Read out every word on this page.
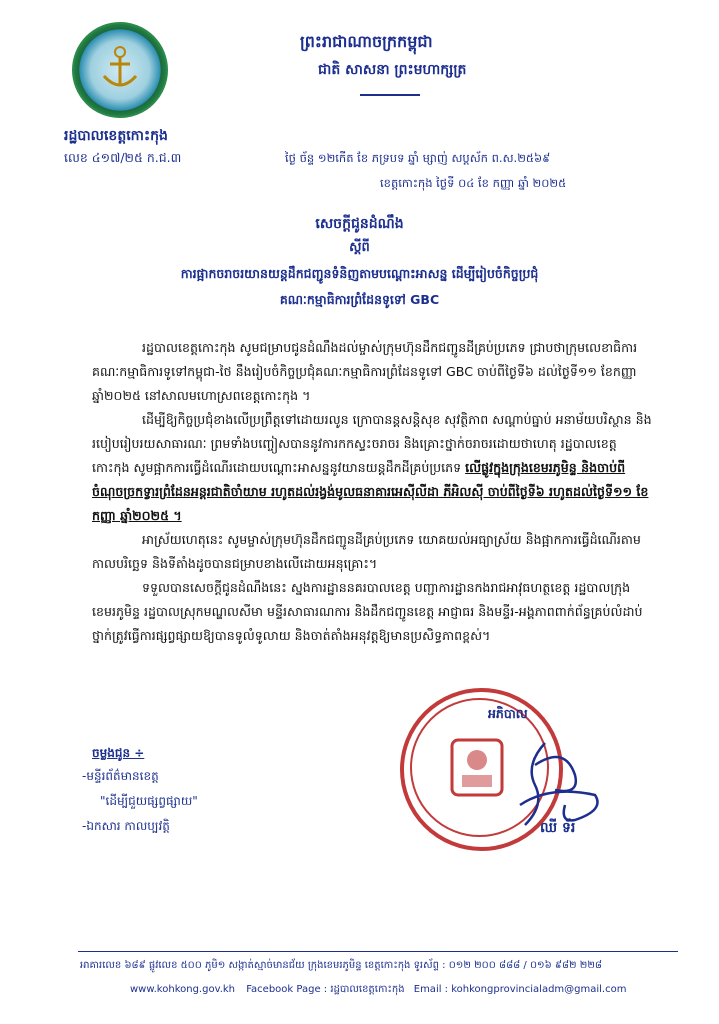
ព្រះរាជាណាចក្រកម្ពុជា
ជាតិ សាសនា ព្រះមហាក្សត្រ
រដ្ឋបាលខេត្តកោះកុង
លេខ ៤១៧/២៥ ក.ជ.៣	ថ្ងៃ ច័ន្ទ ១២កើត ខែ ភទ្របទ ឆ្នាំ ម្សាញ់ សប្តស័ក ព.ស.២៥៦៩
ខេត្តកោះកុង ថ្ងៃទី ០៤ ខែ កញ្ញា ឆ្នាំ ២០២៥
សេចក្តីជូនដំណឹង
ស្តីពី
ការផ្អាកចរាចរយានយន្តដឹកជញ្ជូនទំនិញតាមបណ្តោះអាសន្ន ដើម្បីរៀបចំកិច្ចប្រជុំ
គណៈកម្មាធិការព្រំដែនទូទៅ GBC

រដ្ឋបាលខេត្តកោះកុង សូមជម្រាបជូនដំណឹងដល់ម្ចាស់ក្រុមហ៊ុនដឹកជញ្ជូនដីគ្រប់ប្រភេទ ជ្រាបថាក្រុមលេខាធិការគណៈកម្មាធិការទូទៅកម្ពុជា-ថៃ នឹងរៀបចំកិច្ចប្រជុំគណៈកម្មាធិការព្រំដែនទូទៅ GBC ចាប់ពីថ្ងៃទី៦ ដល់ថ្ងៃទី១១ ខែកញ្ញា ឆ្នាំ២០២៥ នៅសាលមហោស្រពខេត្តកោះកុង ។

ដើម្បីឱ្យកិច្ចប្រជុំខាងលើប្រព្រឹត្តទៅដោយរលូន ក្រោបានន្តសន្តិសុខ សុវត្ថិភាព សណ្តាប់ធ្នាប់ អនាម័យបរិស្ថាន និងរបៀបរៀបរយសាធារណៈ ព្រមទាំងបញ្ចៀសបាននូវការកកស្ទះចរាចរ និងគ្រោះថ្នាក់ចរាចរដោយថាហេតុ រដ្ឋបាលខេត្តកោះកុង សូមផ្អាកការធ្វើដំណើរដោយបណ្តោះអាសន្ននូវយានយន្តដឹកដីគ្រប់ប្រភេទ លើផ្លូវក្នុងក្រុងខេមរភូមិន្ទ និងចាប់ពីចំណុចច្រកទ្វារព្រំដែនអន្តរជាតិចាំយាម រហូតដល់រង្វង់មូលធនាគារអេស៊ីលីដា ភីអិលស៊ី ចាប់ពីថ្ងៃទី៦ រហូតដល់ថ្ងៃទី១១ ខែកញ្ញា ឆ្នាំ២០២៥ ។

អាស្រ័យហេតុនេះ សូមម្ចាស់ក្រុមហ៊ុនដឹកជញ្ជូនដីគ្រប់ប្រភេទ យោគយល់អធ្យាស្រ័យ និងផ្អាកការធ្វើដំណើរតាមកាលបរិច្ឆេទ និងទីតាំងដូចបានជម្រាបខាងលើដោយអនុគ្រោះ។

ទទួលបានសេចក្តីជូនដំណឹងនេះ ស្នងការដ្ឋាននគរបាលខេត្ត បញ្ជាការដ្ឋានកងរាជអាវុធហត្ថខេត្ត រដ្ឋបាលក្រុងខេមរភូមិន្ទ រដ្ឋបាលស្រុកមណ្ឌលសីមា មន្ទីរសាធារណការ និងដឹកជញ្ជូនខេត្ត អាជ្ញាធរ និងមន្ទីរ-អង្គភាពពាក់ព័ន្ធគ្រប់លំដាប់ថ្នាក់ត្រូវធ្វើការផ្សព្វផ្សាយឱ្យបានទូលំទូលាយ និងចាត់តាំងអនុវត្តឱ្យមានប្រសិទ្ធភាពខ្ពស់។

អភិបាល
ឈី ទ័រ
ចម្លងជូន ÷
-មន្ទីរព័ត៌មានខេត្ត
"ដើម្បីជួយផ្សព្វផ្សាយ"
-ឯកសារ កាលប្បវត្តិ
អាគារលេខ ៦៨៩ ផ្លូវលេខ ៥០០ ភូមិ១ សង្កាត់ស្មាច់មានជ័យ ក្រុងខេមរភូមិន្ទ ខេត្តកោះកុង ទូរស័ព្ទ : ០១២ ២០០ ៨៨៨ / ០១៦ ៩៨២ ២២៨
www.kohkong.gov.kh Facebook Page : រដ្ឋបាលខេត្តកោះកុង Email : kohkongprovincialadm@gmail.com
